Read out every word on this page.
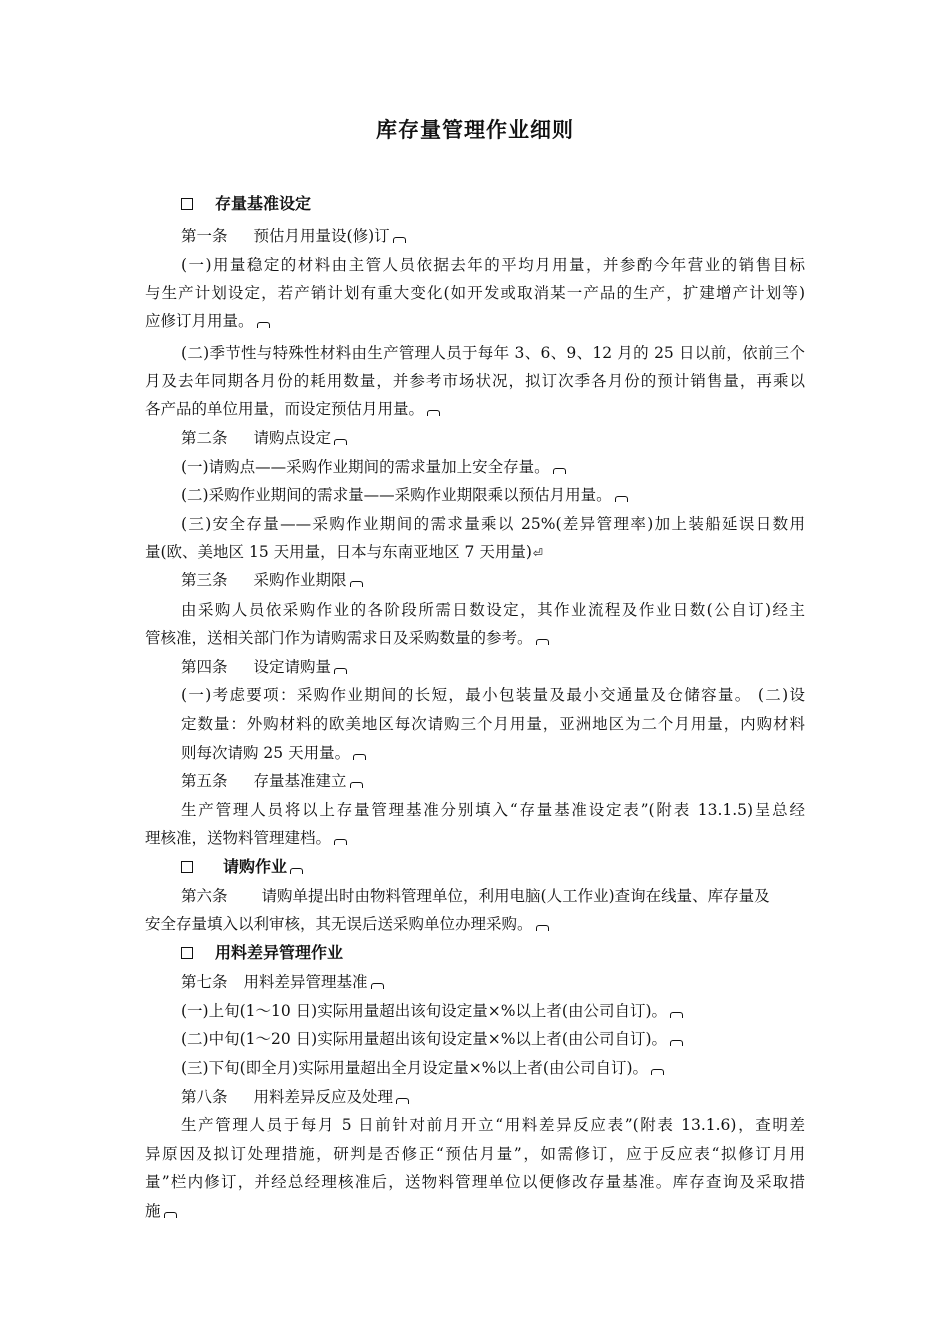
库存量管理作业细则
存量基准设定
第一条 预估月用量设(修)订
(一)用量稳定的材料由主管人员依据去年的平均月用量，并参酌今年营业的销售目标
与生产计划设定，若产销计划有重大变化(如开发或取消某一产品的生产，扩建增产计划等)
应修订月用量。
(二)季节性与特殊性材料由生产管理人员于每年 3、6、9、12 月的 25 日以前，依前三个
月及去年同期各月份的耗用数量，并参考市场状况，拟订次季各月份的预计销售量，再乘以
各产品的单位用量，而设定预估月用量。
第二条 请购点设定
(一)请购点——采购作业期间的需求量加上安全存量。
(二)采购作业期间的需求量——采购作业期限乘以预估月用量。
(三)安全存量——采购作业期间的需求量乘以 25%(差异管理率)加上装船延误日数用
量(欧、美地区 15 天用量，日本与东南亚地区 7 天用量)⏎
第三条 采购作业期限
由采购人员依采购作业的各阶段所需日数设定，其作业流程及作业日数(公自订)经主
管核准，送相关部门作为请购需求日及采购数量的参考。
第四条 设定请购量
(一)考虑要项：采购作业期间的长短，最小包装量及最小交通量及仓储容量。 (二)设
定数量：外购材料的欧美地区每次请购三个月用量，亚洲地区为二个月用量，内购材料
则每次请购 25 天用量。
第五条 存量基准建立
生产管理人员将以上存量管理基准分别填入“存量基准设定表”(附表 13.1.5)呈总经
理核准，送物料管理建档。
请购作业
第六条 请购单提出时由物料管理单位，利用电脑(人工作业)查询在线量、库存量及
安全存量填入以利审核，其无误后送采购单位办理采购。
用料差异管理作业
第七条 用料差异管理基准
(一)上旬(1～10 日)实际用量超出该旬设定量×%以上者(由公司自订)。
(二)中旬(1～20 日)实际用量超出该旬设定量×%以上者(由公司自订)。
(三)下旬(即全月)实际用量超出全月设定量×%以上者(由公司自订)。
第八条 用料差异反应及处理
生产管理人员于每月 5 日前针对前月开立“用料差异反应表”(附表 13.1.6)，查明差
异原因及拟订处理措施，研判是否修正“预估月量”，如需修订，应于反应表“拟修订月用
量”栏内修订，并经总经理核准后，送物料管理单位以便修改存量基准。库存查询及采取措
施
